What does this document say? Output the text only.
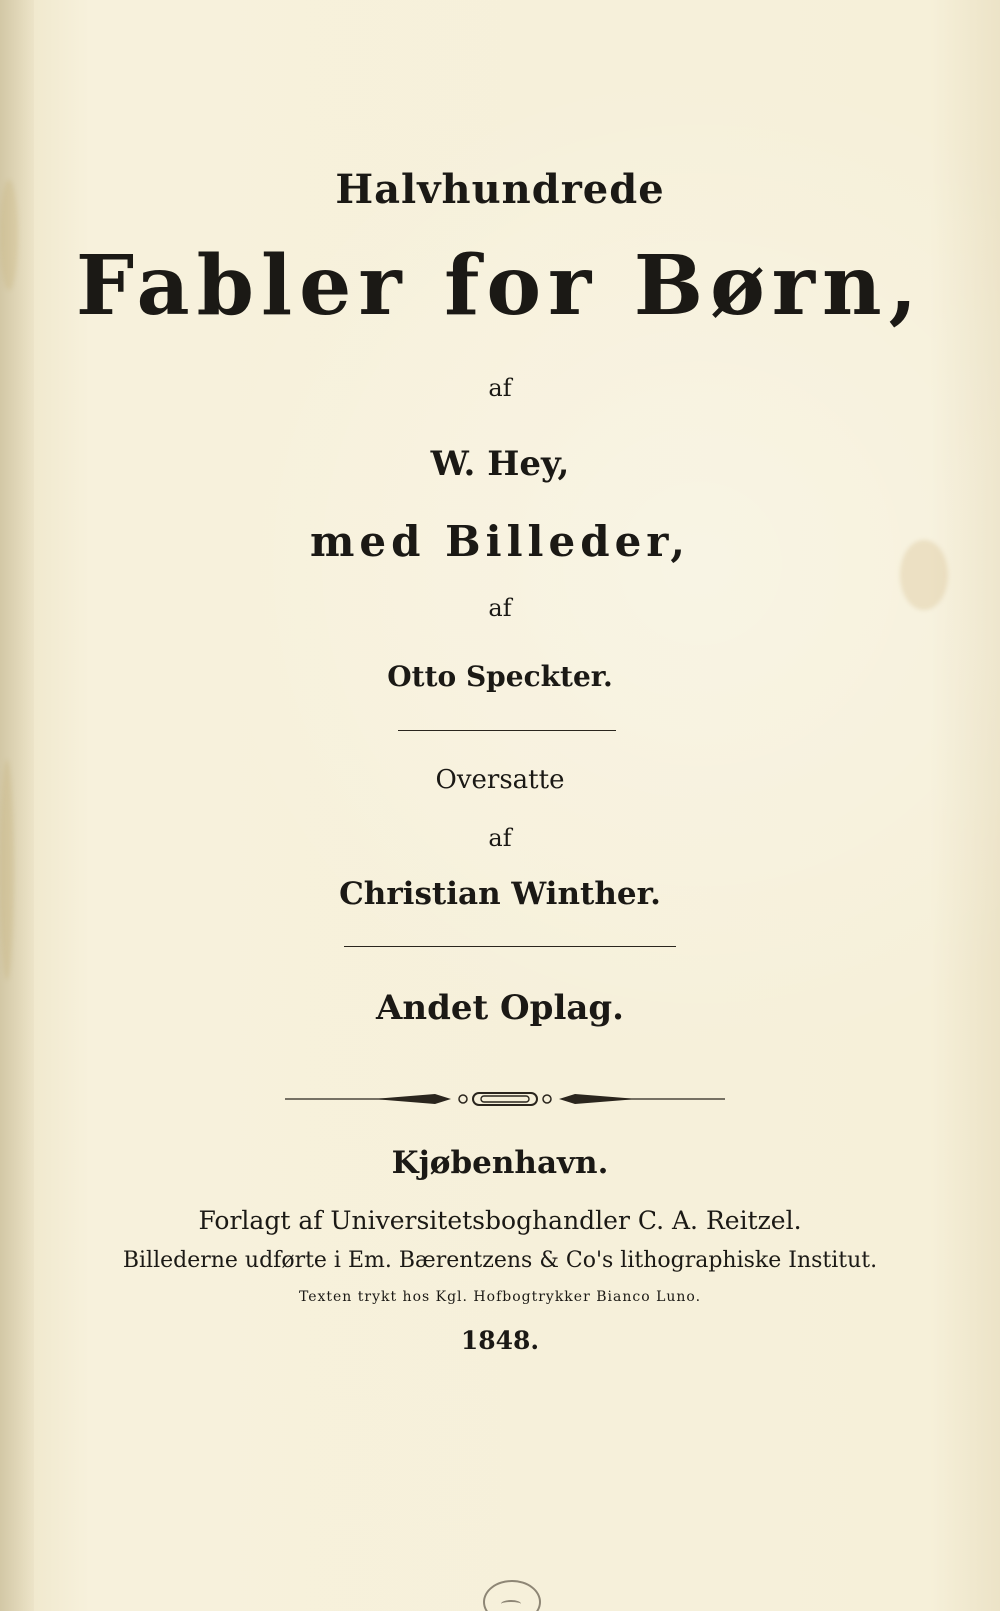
Halvhundrede
Fabler for Børn,
af
W. Hey,
med Billeder,
af
Otto Speckter.
Oversatte
af
Christian Winther.
Andet Oplag.
Kjøbenhavn.
Forlagt af Universitetsboghandler C. A. Reitzel.
Billederne udførte i Em. Bærentzens & Co's lithographiske Institut.
Texten trykt hos Kgl. Hofbogtrykker Bianco Luno.
1848.
